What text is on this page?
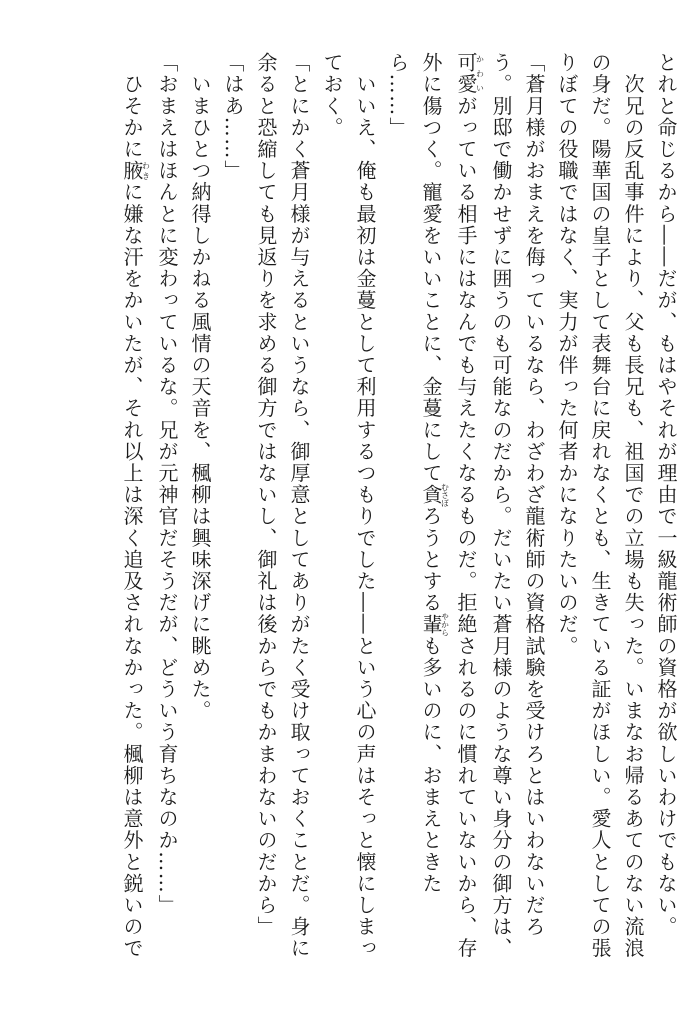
とれと命じるから――だが、もはやそれが理由で一級龍術師の資格が欲しいわけでもない。
　次兄の反乱事件により、父も長兄も、祖国での立場も失った。いまなお帰るあてのない流浪
の身だ。陽華国の皇子として表舞台に戻れなくとも、生きている証がほしい。愛人としての張
りぼての役職ではなく、実力が伴った何者かになりたいのだ。
「蒼月様がおまえを侮っているなら、わざわざ龍術師の資格試験を受けろとはいわないだろ
う。別邸で働かせずに囲うのも可能なのだから。だいたい蒼月様のような尊い身分の御方は、
可愛かわいがっている相手にはなんでも与えたくなるものだ。拒絶されるのに慣れていないから、存
外に傷つく。寵愛をいいことに、金蔓にして貪むさぼろうとする輩やからも多いのに、おまえときた
ら……」
　いいえ、俺も最初は金蔓として利用するつもりでした――という心の声はそっと懐にしまっ
ておく。
「とにかく蒼月様が与えるというなら、御厚意としてありがたく受け取っておくことだ。身に
余ると恐縮しても見返りを求める御方ではないし、御礼は後からでもかまわないのだから」
「はあ……」
　いまひとつ納得しかねる風情の天音を、楓柳は興味深げに眺めた。
「おまえはほんとに変わっているな。兄が元神官だそうだが、どういう育ちなのか……」
　ひそかに腋わきに嫌な汗をかいたが、それ以上は深く追及されなかった。楓柳は意外と鋭いので
